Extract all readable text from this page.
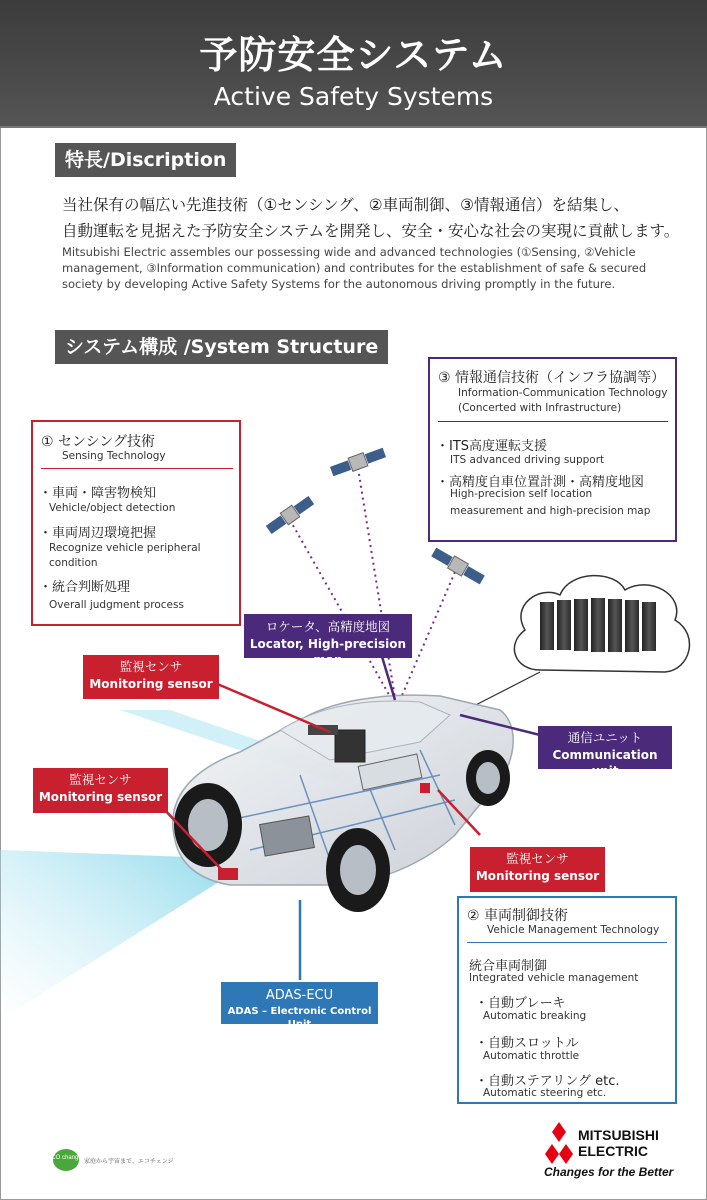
予防安全システム
Active Safety Systems
特長/Discription
当社保有の幅広い先進技術（①センシング、②車両制御、③情報通信）を結集し、
自動運転を見据えた予防安全システムを開発し、安全・安心な社会の実現に貢献します。
Mitsubishi Electric assembles our possessing wide and advanced technologies (①Sensing, ②Vehicle
management, ③Information communication) and contributes for the establishment of safe & secured
society by developing Active Safety Systems for the autonomous driving promptly in the future.
システム構成 /System Structure
① センシング技術
Sensing Technology
・車両・障害物検知
Vehicle/object detection
・車両周辺環境把握
Recognize vehicle peripheral
condition
・統合判断処理
Overall judgment process
③ 情報通信技術（インフラ協調等）
Information-Communication Technology
(Concerted with Infrastructure)
・ITS高度運転支援
ITS advanced driving support
・高精度自車位置計測・高精度地図
High-precision self location
measurement and high-precision map
② 車両制御技術
Vehicle Management Technology
統合車両制御
Integrated vehicle management
・自動ブレーキ
Automatic breaking
・自動スロットル
Automatic throttle
・自動ステアリング etc.
Automatic steering etc.
ロケータ、高精度地図
Locator, High-precision map
監視センサ
Monitoring sensor
監視センサ
Monitoring sensor
通信ユニット
Communication unit
監視センサ
Monitoring sensor
ADAS-ECU
ADAS – Electronic Control Unit
ECO changes 家庭から宇宙まで、エコチェンジ
MITSUBISHI
ELECTRIC
Changes for the Better
